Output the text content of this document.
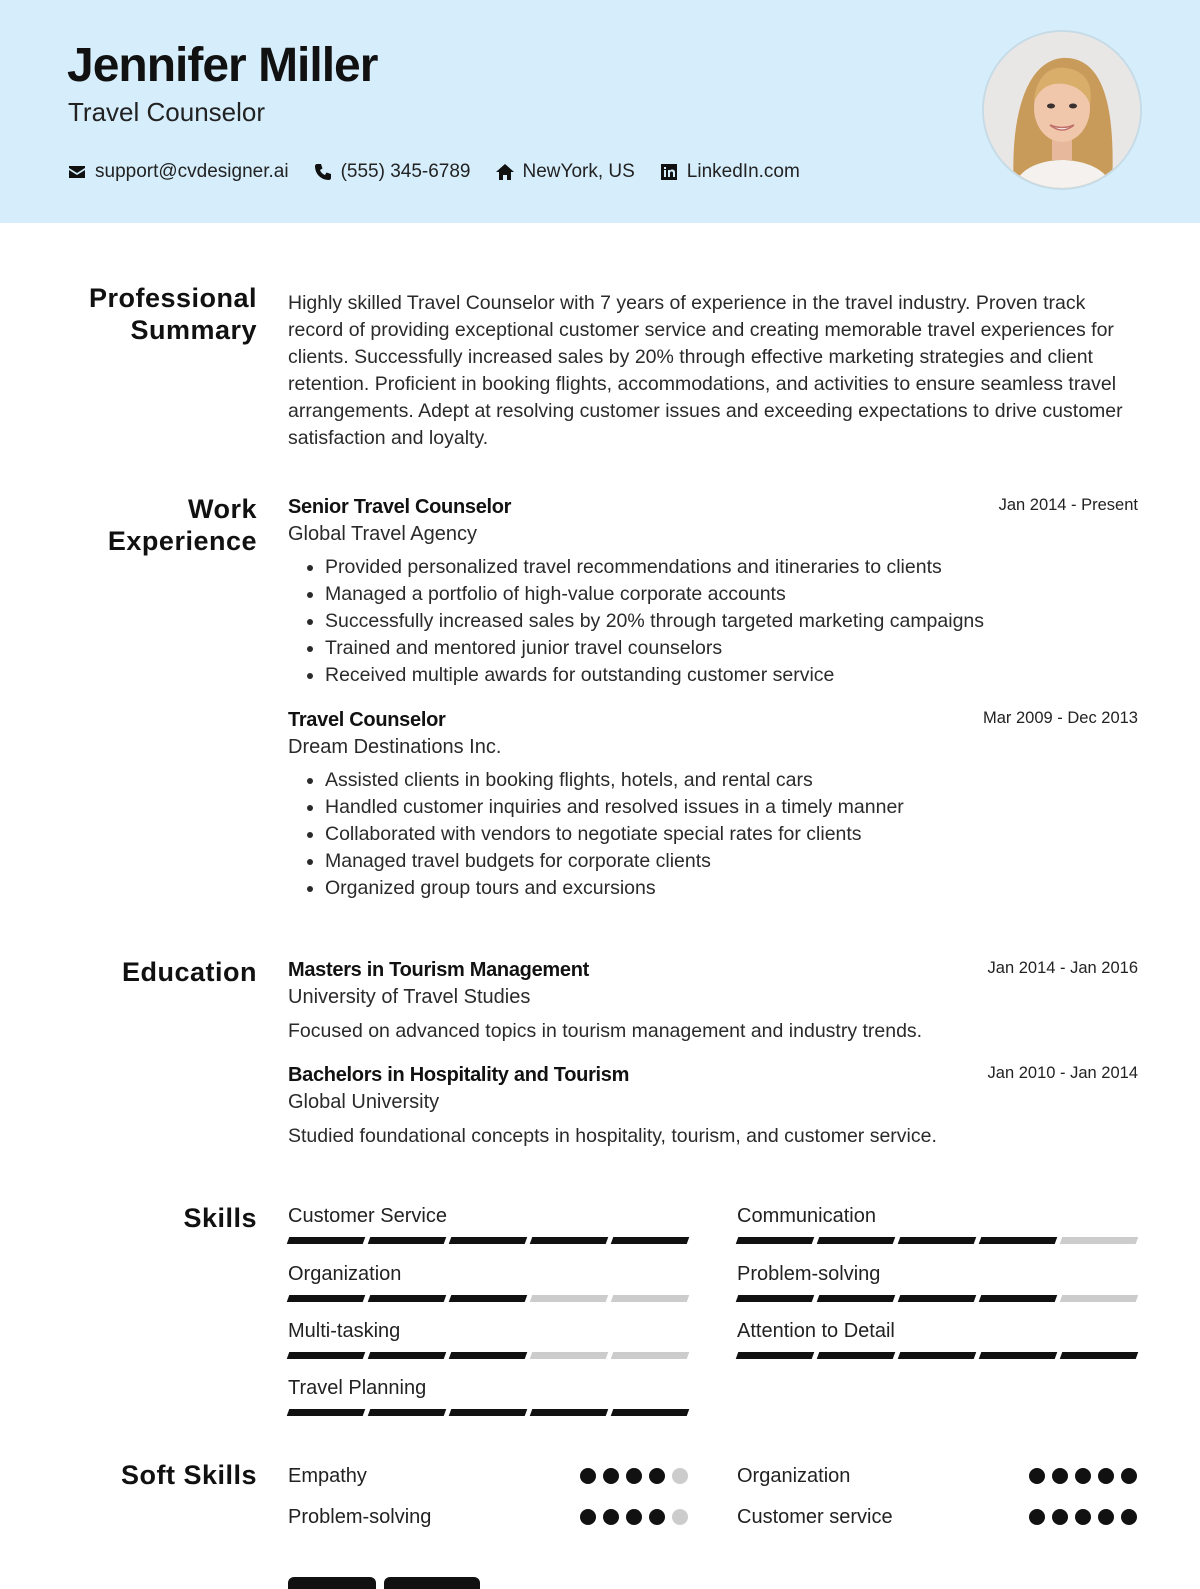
Jennifer Miller
Travel Counselor
support@cvdesigner.ai	(555) 345-6789	NewYork, US	LinkedIn.com
Professional
Summary
Highly skilled Travel Counselor with 7 years of experience in the travel industry. Proven track record of providing exceptional customer service and creating memorable travel experiences for clients. Successfully increased sales by 20% through effective marketing strategies and client retention. Proficient in booking flights, accommodations, and activities to ensure seamless travel arrangements. Adept at resolving customer issues and exceeding expectations to drive customer satisfaction and loyalty.
Work
Experience
Jan 2014 - Present
Senior Travel Counselor
Global Travel Agency
• Provided personalized travel recommendations and itineraries to clients
• Managed a portfolio of high-value corporate accounts
• Successfully increased sales by 20% through targeted marketing campaigns
• Trained and mentored junior travel counselors
• Received multiple awards for outstanding customer service
Mar 2009 - Dec 2013
Travel Counselor
Dream Destinations Inc.
• Assisted clients in booking flights, hotels, and rental cars
• Handled customer inquiries and resolved issues in a timely manner
• Collaborated with vendors to negotiate special rates for clients
• Managed travel budgets for corporate clients
• Organized group tours and excursions
Education	Jan 2014 - Jan 2016
Masters in Tourism Management
University of Travel Studies
Focused on advanced topics in tourism management and industry trends.
Jan 2010 - Jan 2014
Bachelors in Hospitality and Tourism
Global University
Studied foundational concepts in hospitality, tourism, and customer service.
Skills Customer Service	Communication
Organization	Problem-solving
Multi-tasking	Attention to Detail
Travel Planning
Soft Skills Empathy	Organization
Problem-solving	Customer service
